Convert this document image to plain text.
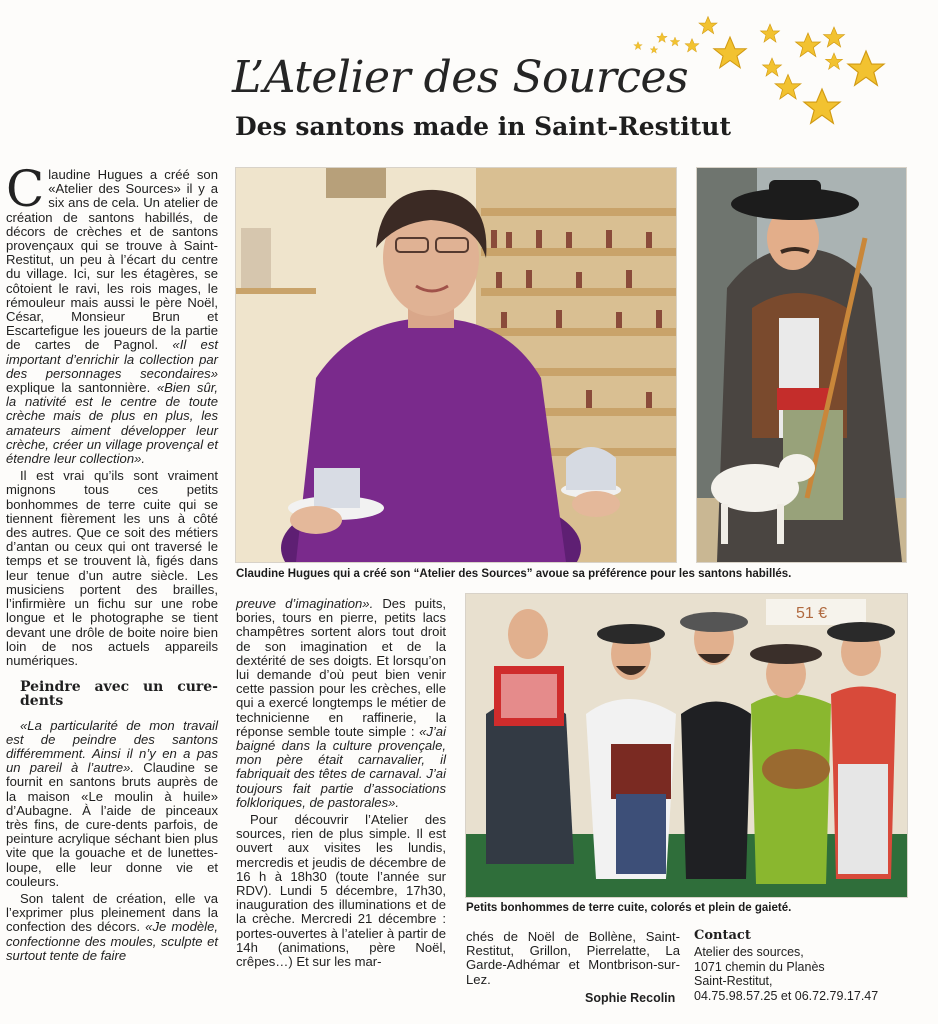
L’Atelier des Sources
Des santons made in Saint-Restitut

Claudine Hugues a créé son «Atelier des Sources» il y a six ans de cela. Un atelier de création de santons habillés, de décors de crèches et de santons provençaux qui se trouve à Saint-Restitut, un peu à l’écart du centre du village. Ici, sur les étagères, se côtoient le ravi, les rois mages, le rémouleur mais aussi le père Noël, César, Monsieur Brun et Escartefigue les joueurs de la partie de cartes de Pagnol. «Il est important d’enrichir la collection par des personnages secondaires» explique la santonnière. «Bien sûr, la nativité est le centre de toute crèche mais de plus en plus, les amateurs aiment développer leur crèche, créer un village provençal et étendre leur collection».

Il est vrai qu’ils sont vraiment mignons tous ces petits bonhommes de terre cuite qui se tiennent fièrement les uns à côté des autres. Que ce soit des métiers d’antan ou ceux qui ont traversé le temps et se trouvent là, figés dans leur tenue d’un autre siècle. Les musiciens portent des brailles, l’infirmière un fichu sur une robe longue et le photographe se tient devant une drôle de boite noire bien loin de nos actuels appareils numériques.

Peindre avec un cure-dents

«La particularité de mon travail est de peindre des santons différemment. Ainsi il n’y en a pas un pareil à l’autre». Claudine se fournit en santons bruts auprès de la maison «Le moulin à huile» d’Aubagne. À l’aide de pinceaux très fins, de cure-dents parfois, de peinture acrylique séchant bien plus vite que la gouache et de lunettes-loupe, elle leur donne vie et couleurs.

Son talent de création, elle va l’exprimer plus pleinement dans la confection des décors. «Je modèle, confectionne des moules, sculpte et surtout tente de faire

preuve d’imagination». Des puits, bories, tours en pierre, petits lacs champêtres sortent alors tout droit de son imagination et de la dextérité de ses doigts. Et lorsqu’on lui demande d’où peut bien venir cette passion pour les crèches, elle qui a exercé longtemps le métier de technicienne en raffinerie, la réponse semble toute simple : «J’ai baigné dans la culture provençale, mon père était carnavalier, il fabriquait des têtes de carnaval. J’ai toujours fait partie d’associations folkloriques, de pastorales».

Pour découvrir l’Atelier des sources, rien de plus simple. Il est ouvert aux visites les lundis, mercredis et jeudis de décembre de 16 h à 18h30 (toute l’année sur RDV). Lundi 5 décembre, 17h30, inauguration des illuminations et de la crèche. Mercredi 21 décembre : portes-ouvertes à l’atelier à partir de 14h (animations, père Noël, crêpes…) Et sur les mar-

chés de Noël de Bollène, Saint-Restitut, Grillon, Pierrelatte, La Garde-Adhémar et Montbrison-sur-Lez.

Sophie Recolin
Contact
Atelier des sources,
1071 chemin du Planès
Saint-Restitut,
04.75.98.57.25 et 06.72.79.17.47
Claudine Hugues qui a créé son “Atelier des Sources” avoue sa préférence pour les santons habillés.
51 €
Petits bonhommes de terre cuite, colorés et plein de gaieté.
